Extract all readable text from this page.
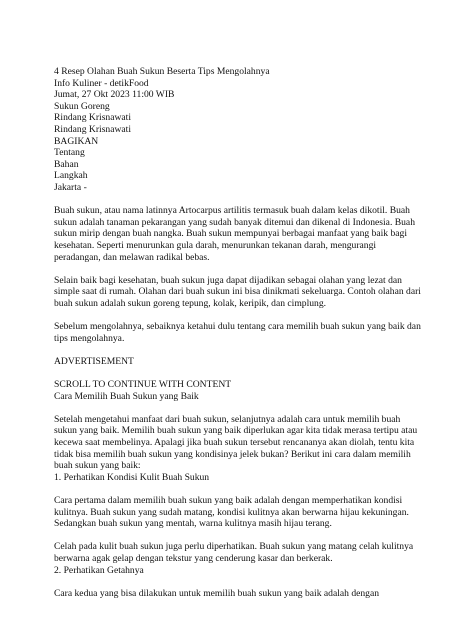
4 Resep Olahan Buah Sukun Beserta Tips Mengolahnya
Info Kuliner - detikFood
Jumat, 27 Okt 2023 11:00 WIB
Sukun Goreng
Rindang Krisnawati
Rindang Krisnawati
BAGIKAN
Tentang
Bahan
Langkah
Jakarta -

Buah sukun, atau nama latinnya Artocarpus artilitis termasuk buah dalam kelas dikotil. Buah sukun adalah tanaman pekarangan yang sudah banyak ditemui dan dikenal di Indonesia. Buah sukun mirip dengan buah nangka. Buah sukun mempunyai berbagai manfaat yang baik bagi kesehatan. Seperti menurunkan gula darah, menurunkan tekanan darah, mengurangi peradangan, dan melawan radikal bebas.

Selain baik bagi kesehatan, buah sukun juga dapat dijadikan sebagai olahan yang lezat dan simple saat di rumah. Olahan dari buah sukun ini bisa dinikmati sekeluarga. Contoh olahan dari buah sukun adalah sukun goreng tepung, kolak, keripik, dan cimplung.

Sebelum mengolahnya, sebaiknya ketahui dulu tentang cara memilih buah sukun yang baik dan tips mengolahnya.

ADVERTISEMENT
SCROLL TO CONTINUE WITH CONTENT
Cara Memilih Buah Sukun yang Baik

Setelah mengetahui manfaat dari buah sukun, selanjutnya adalah cara untuk memilih buah sukun yang baik. Memilih buah sukun yang baik diperlukan agar kita tidak merasa tertipu atau kecewa saat membelinya. Apalagi jika buah sukun tersebut rencananya akan diolah, tentu kita tidak bisa memilih buah sukun yang kondisinya jelek bukan? Berikut ini cara dalam memilih buah sukun yang baik:

1. Perhatikan Kondisi Kulit Buah Sukun

Cara pertama dalam memilih buah sukun yang baik adalah dengan memperhatikan kondisi kulitnya. Buah sukun yang sudah matang, kondisi kulitnya akan berwarna hijau kekuningan. Sedangkan buah sukun yang mentah, warna kulitnya masih hijau terang.

Celah pada kulit buah sukun juga perlu diperhatikan. Buah sukun yang matang celah kulitnya berwarna agak gelap dengan tekstur yang cenderung kasar dan berkerak.

2. Perhatikan Getahnya

Cara kedua yang bisa dilakukan untuk memilih buah sukun yang baik adalah dengan
